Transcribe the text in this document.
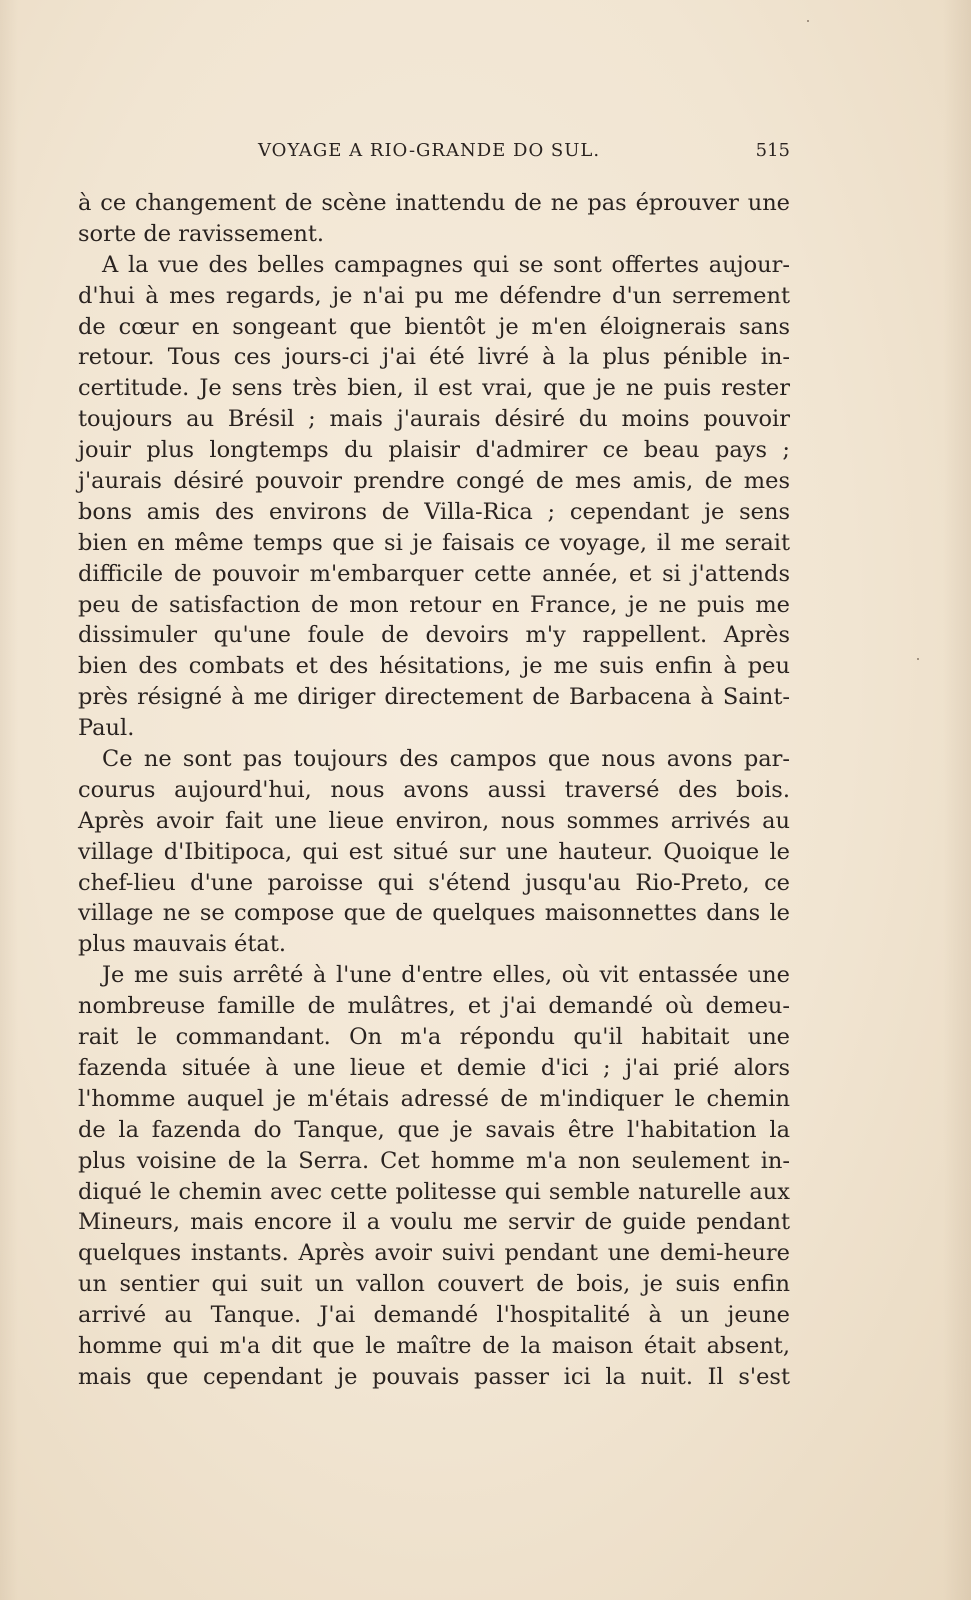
VOYAGE A RIO-GRANDE DO SUL.	515
à ce changement de scène inattendu de ne pas éprouver une
sorte de ravissement.
A la vue des belles campagnes qui se sont offertes aujour-
d'hui à mes regards, je n'ai pu me défendre d'un serrement
de cœur en songeant que bientôt je m'en éloignerais sans
retour. Tous ces jours-ci j'ai été livré à la plus pénible in-
certitude. Je sens très bien, il est vrai, que je ne puis rester
toujours au Brésil ; mais j'aurais désiré du moins pouvoir
jouir plus longtemps du plaisir d'admirer ce beau pays ;
j'aurais désiré pouvoir prendre congé de mes amis, de mes
bons amis des environs de Villa-Rica ; cependant je sens
bien en même temps que si je faisais ce voyage, il me serait
difficile de pouvoir m'embarquer cette année, et si j'attends
peu de satisfaction de mon retour en France, je ne puis me
dissimuler qu'une foule de devoirs m'y rappellent. Après
bien des combats et des hésitations, je me suis enfin à peu
près résigné à me diriger directement de Barbacena à Saint-
Paul.
Ce ne sont pas toujours des campos que nous avons par-
courus aujourd'hui, nous avons aussi traversé des bois.
Après avoir fait une lieue environ, nous sommes arrivés au
village d'Ibitipoca, qui est situé sur une hauteur. Quoique le
chef-lieu d'une paroisse qui s'étend jusqu'au Rio-Preto, ce
village ne se compose que de quelques maisonnettes dans le
plus mauvais état.
Je me suis arrêté à l'une d'entre elles, où vit entassée une
nombreuse famille de mulâtres, et j'ai demandé où demeu-
rait le commandant. On m'a répondu qu'il habitait une
fazenda située à une lieue et demie d'ici ; j'ai prié alors
l'homme auquel je m'étais adressé de m'indiquer le chemin
de la fazenda do Tanque, que je savais être l'habitation la
plus voisine de la Serra. Cet homme m'a non seulement in-
diqué le chemin avec cette politesse qui semble naturelle aux
Mineurs, mais encore il a voulu me servir de guide pendant
quelques instants. Après avoir suivi pendant une demi-heure
un sentier qui suit un vallon couvert de bois, je suis enfin
arrivé au Tanque. J'ai demandé l'hospitalité à un jeune
homme qui m'a dit que le maître de la maison était absent,
mais que cependant je pouvais passer ici la nuit. Il s'est
